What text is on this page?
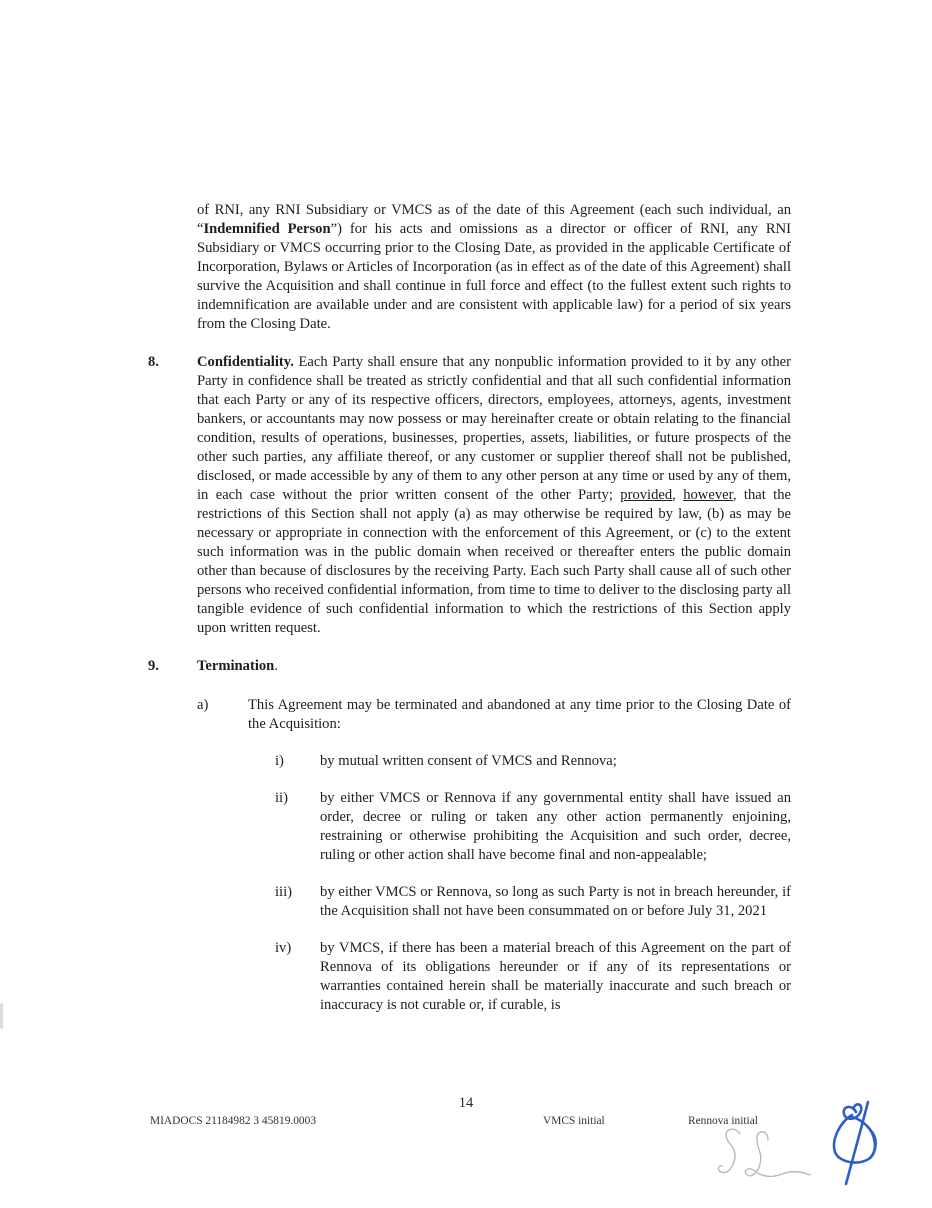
of RNI, any RNI Subsidiary or VMCS as of the date of this Agreement (each such individual, an “Indemnified Person”) for his acts and omissions as a director or officer of RNI, any RNI Subsidiary or VMCS occurring prior to the Closing Date, as provided in the applicable Certificate of Incorporation, Bylaws or Articles of Incorporation (as in effect as of the date of this Agreement) shall survive the Acquisition and shall continue in full force and effect (to the fullest extent such rights to indemnification are available under and are consistent with applicable law) for a period of six years from the Closing Date.

8.	Confidentiality. Each Party shall ensure that any nonpublic information provided to it by any other Party in confidence shall be treated as strictly confidential and that all such confidential information that each Party or any of its respective officers, directors, employees, attorneys, agents, investment bankers, or accountants may now possess or may hereinafter create or obtain relating to the financial condition, results of operations, businesses, properties, assets, liabilities, or future prospects of the other such parties, any affiliate thereof, or any customer or supplier thereof shall not be published, disclosed, or made accessible by any of them to any other person at any time or used by any of them, in each case without the prior written consent of the other Party; provided, however, that the restrictions of this Section shall not apply (a) as may otherwise be required by law, (b) as may be necessary or appropriate in connection with the enforcement of this Agreement, or (c) to the extent such information was in the public domain when received or thereafter enters the public domain other than because of disclosures by the receiving Party. Each such Party shall cause all of such other persons who received confidential information, from time to time to deliver to the disclosing party all tangible evidence of such confidential information to which the restrictions of this Section apply upon written request.

9.	Termination.

a)	This Agreement may be terminated and abandoned at any time prior to the Closing Date of the Acquisition:

i)	by mutual written consent of VMCS and Rennova;
ii)	by either VMCS or Rennova if any governmental entity shall have issued an order, decree or ruling or taken any other action permanently enjoining, restraining or otherwise prohibiting the Acquisition and such order, decree, ruling or other action shall have become final and non-appealable;
iii)	by either VMCS or Rennova, so long as such Party is not in breach hereunder, if the Acquisition shall not have been consummated on or before July 31, 2021
iv)	by VMCS, if there has been a material breach of this Agreement on the part of Rennova of its obligations hereunder or if any of its representations or warranties contained herein shall be materially inaccurate and such breach or inaccuracy is not curable or, if curable, is
14
MIADOCS 21184982 3 45819.0003	VMCS initial	Rennova initial
